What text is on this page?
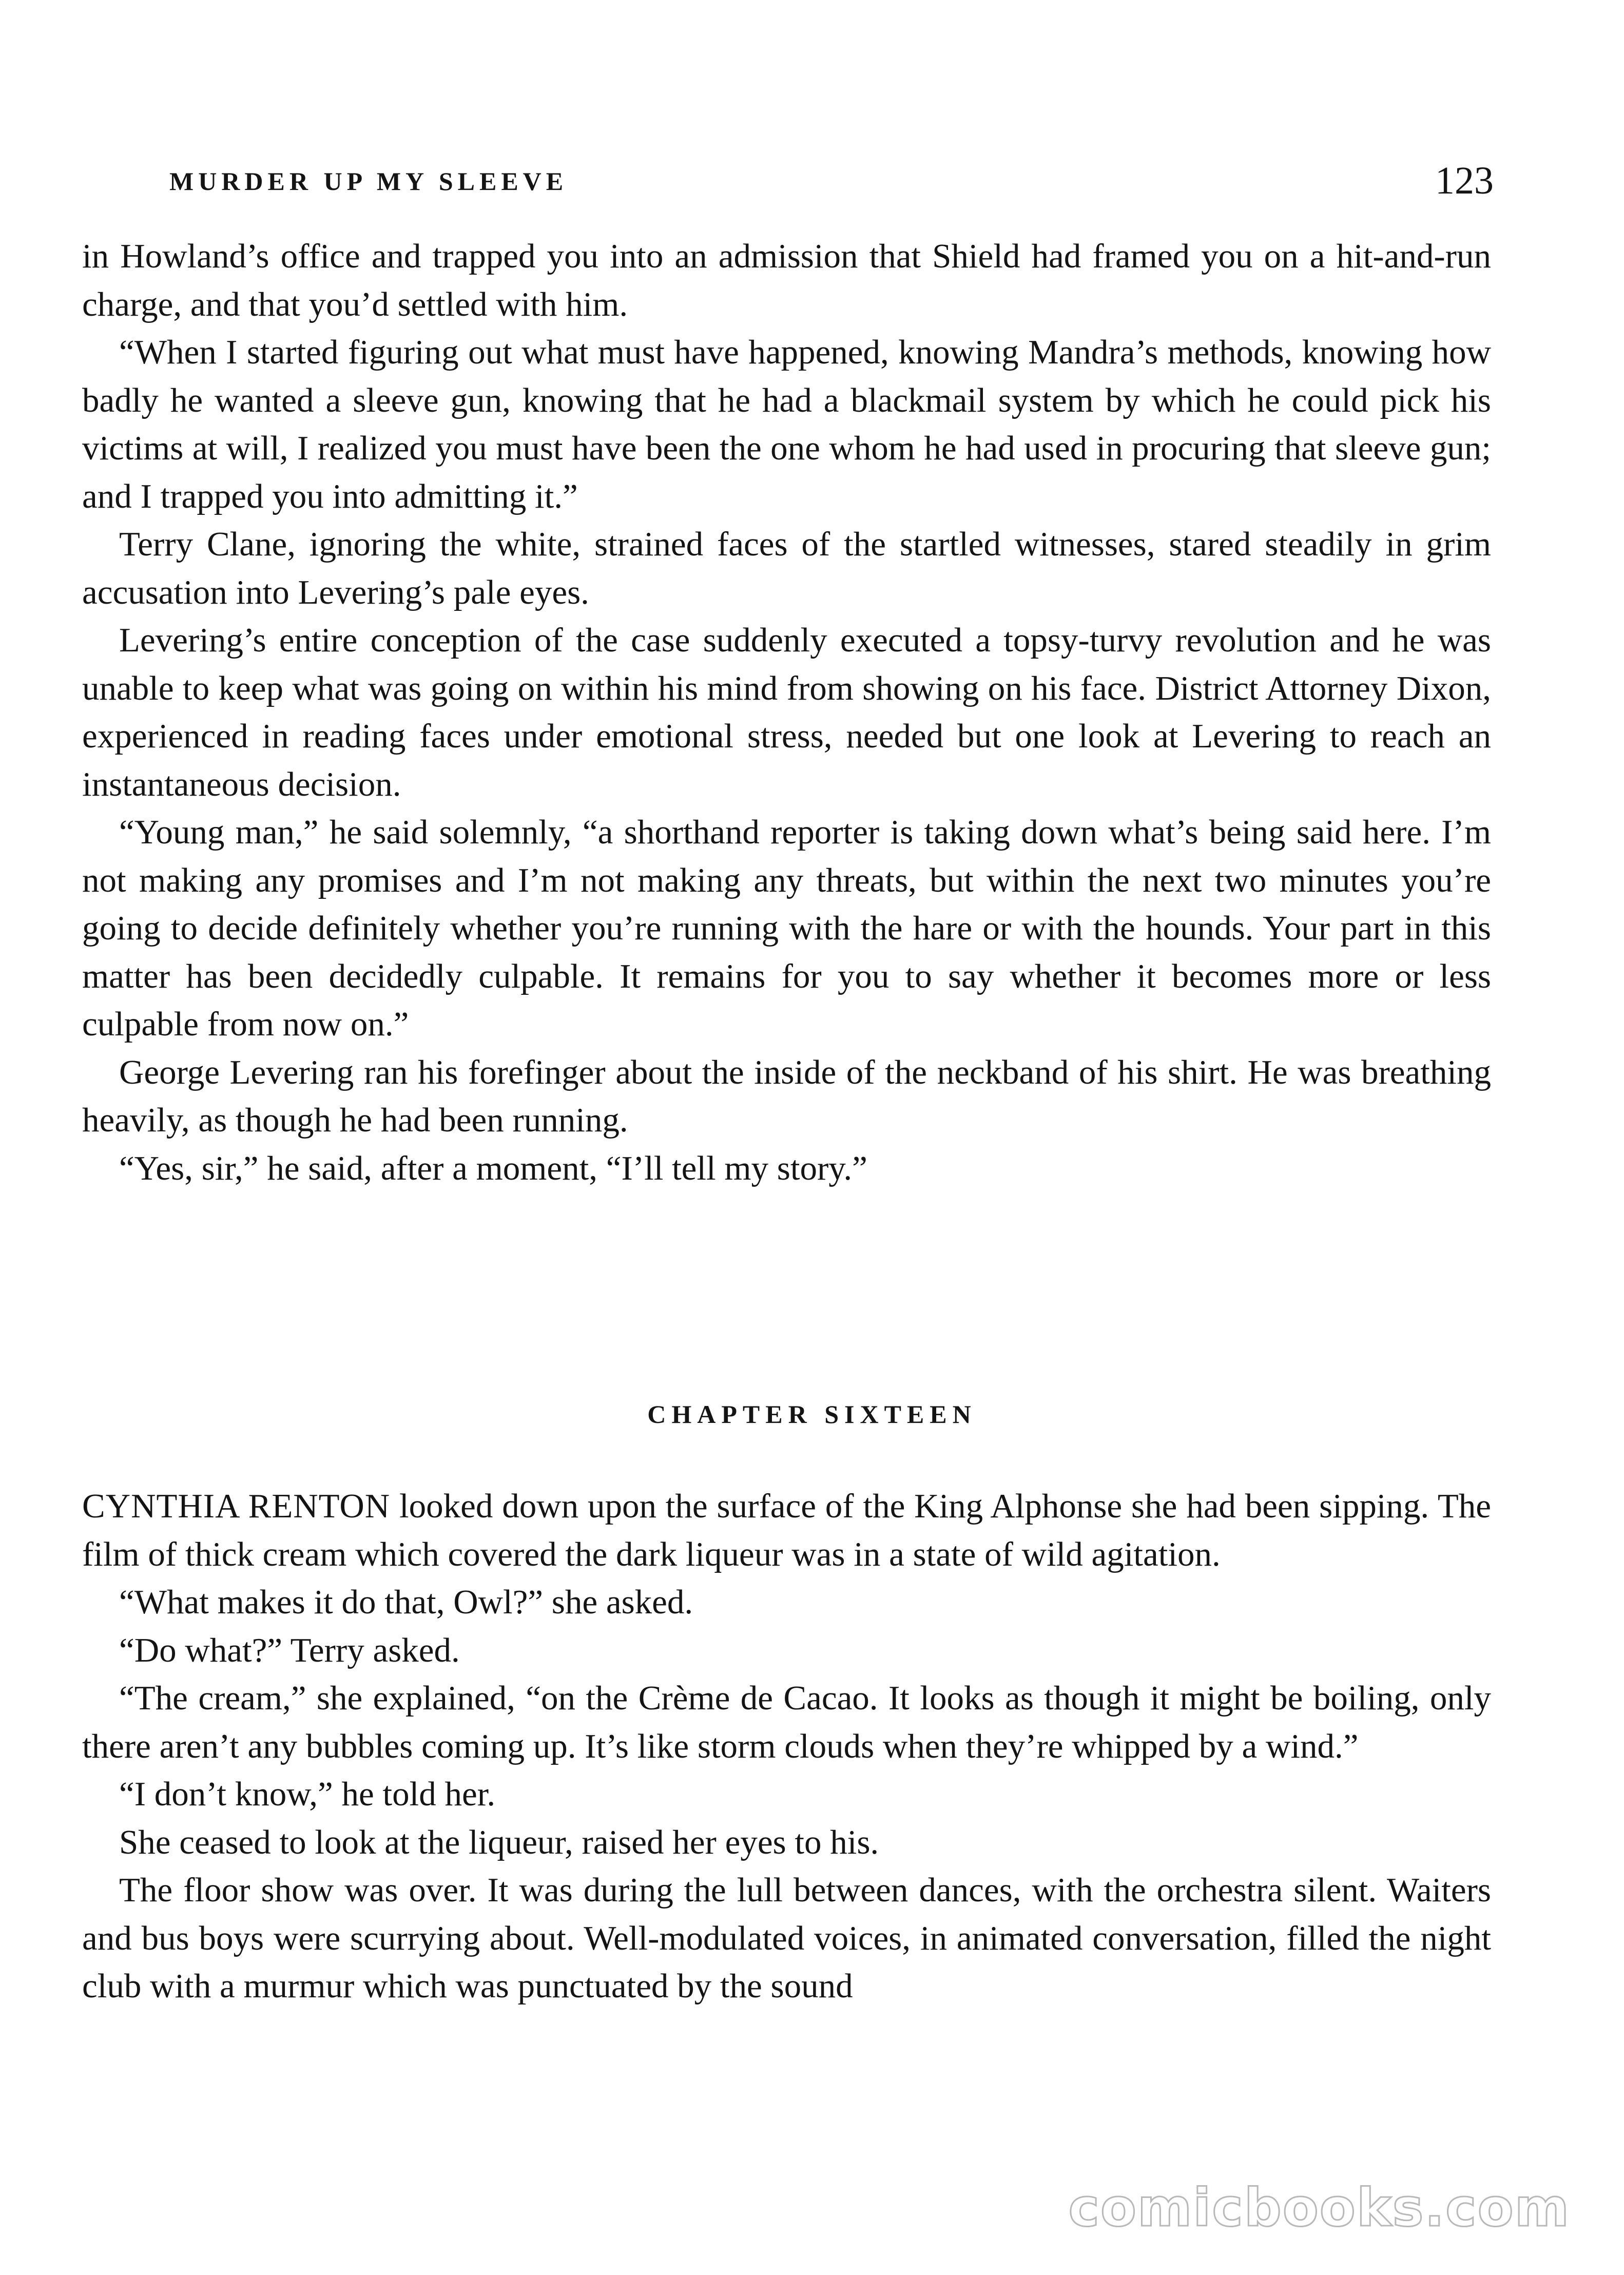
MURDER UP MY SLEEVE	123

in Howland’s office and trapped you into an admission that Shield had framed you on a hit-and-run charge, and that you’d settled with him.

“When I started figuring out what must have happened, knowing Mandra’s methods, knowing how badly he wanted a sleeve gun, knowing that he had a blackmail system by which he could pick his victims at will, I realized you must have been the one whom he had used in procuring that sleeve gun; and I trapped you into admitting it.”

Terry Clane, ignoring the white, strained faces of the startled witnesses, stared steadily in grim accusation into Levering’s pale eyes.

Levering’s entire conception of the case suddenly executed a topsy-turvy revolution and he was unable to keep what was going on within his mind from showing on his face. District Attorney Dixon, experienced in reading faces under emotional stress, needed but one look at Levering to reach an instantaneous decision.

“Young man,” he said solemnly, “a shorthand reporter is taking down what’s being said here. I’m not making any promises and I’m not making any threats, but within the next two minutes you’re going to decide definitely whether you’re running with the hare or with the hounds. Your part in this matter has been decidedly culpable. It remains for you to say whether it becomes more or less culpable from now on.”

George Levering ran his forefinger about the inside of the neckband of his shirt. He was breathing heavily, as though he had been running.

“Yes, sir,” he said, after a moment, “I’ll tell my story.”

CHAPTER SIXTEEN

CYNTHIA RENTON looked down upon the surface of the King Alphonse she had been sipping. The film of thick cream which covered the dark liqueur was in a state of wild agitation.

“What makes it do that, Owl?” she asked.

“Do what?” Terry asked.

“The cream,” she explained, “on the Crème de Cacao. It looks as though it might be boiling, only there aren’t any bubbles coming up. It’s like storm clouds when they’re whipped by a wind.”

“I don’t know,” he told her.

She ceased to look at the liqueur, raised her eyes to his.

The floor show was over. It was during the lull between dances, with the orchestra silent. Waiters and bus boys were scurrying about. Well-modulated voices, in animated conversation, filled the night club with a murmur which was punctuated by the sound

comicbooks.com
